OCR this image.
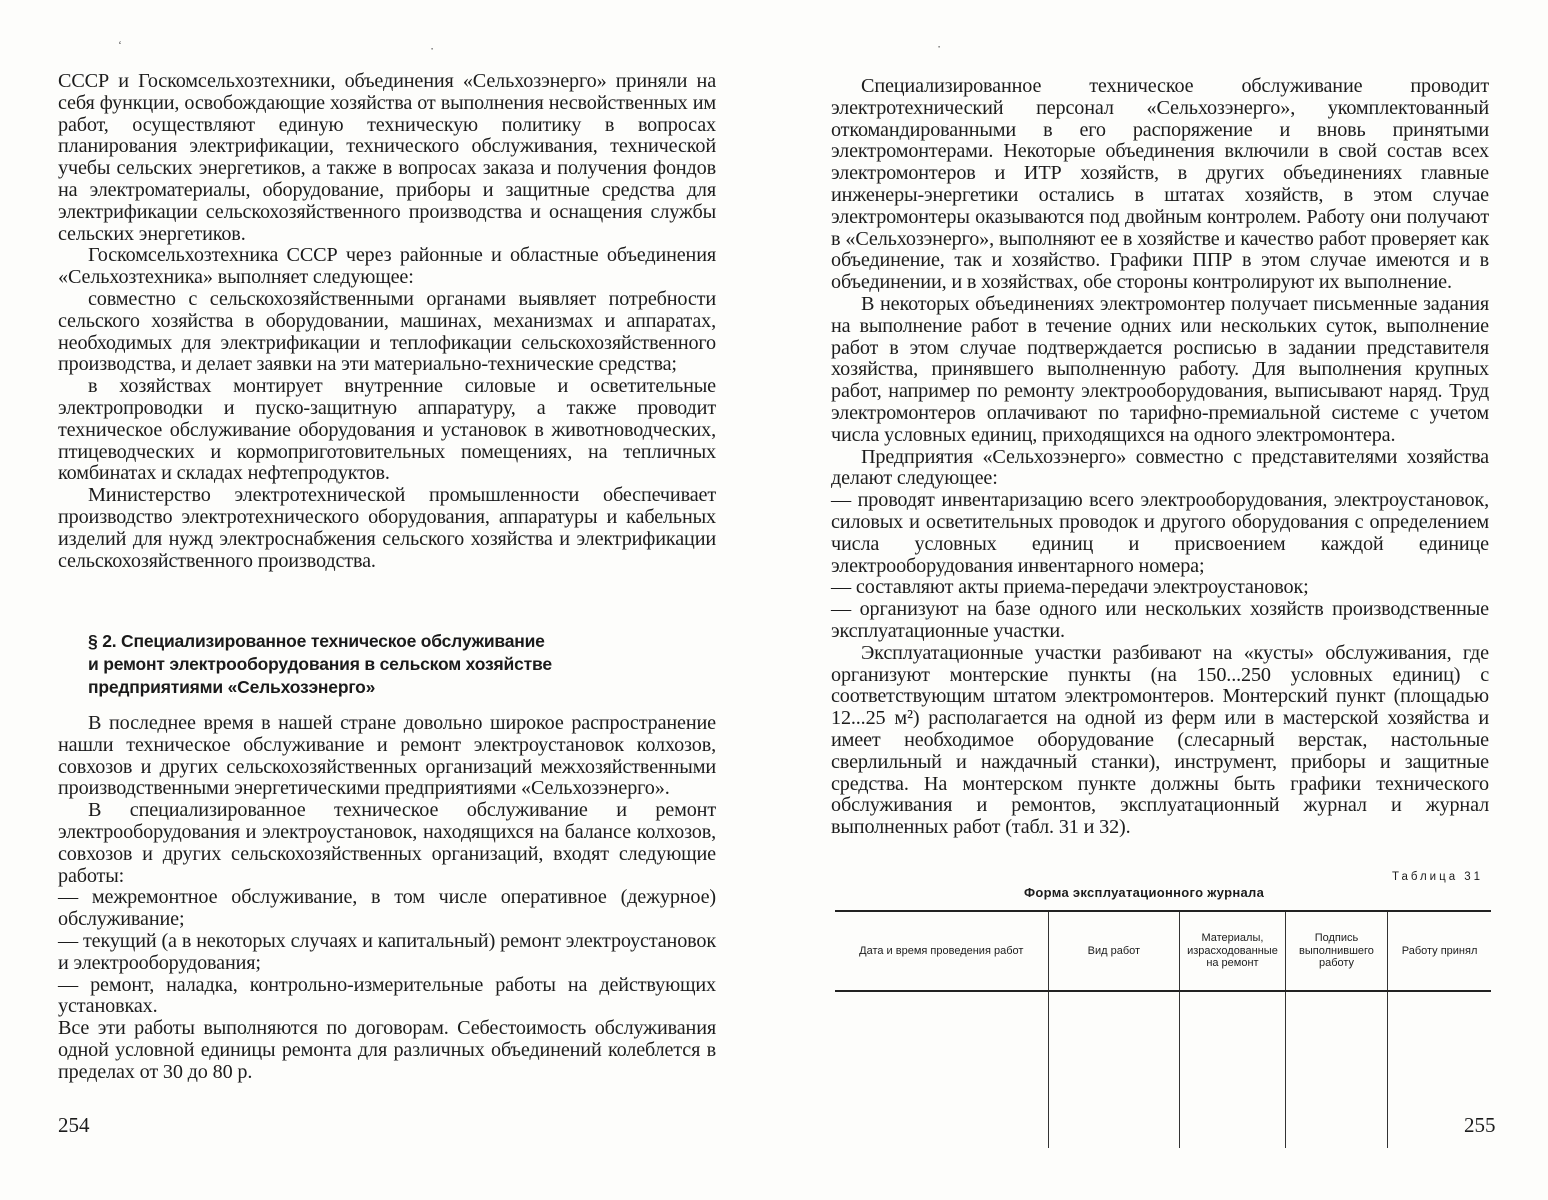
СССР и Госкомсельхозтехники, объединения «Сельхозэнерго» приняли на себя функции, освобождающие хозяйства от выполнения несвойственных им работ, осуществляют единую техническую политику в вопросах планирования электрификации, технического обслуживания, технической учебы сельских энергетиков, а также в вопросах заказа и получения фондов на электроматериалы, оборудование, приборы и защитные средства для электрификации сельскохозяйственного производства и оснащения службы сельских энергетиков.

Госкомсельхозтехника СССР через районные и областные объединения «Сельхозтехника» выполняет следующее:

совместно с сельскохозяйственными органами выявляет потребности сельского хозяйства в оборудовании, машинах, механизмах и аппаратах, необходимых для электрификации и теплофикации сельскохозяйственного производства, и делает заявки на эти материально-технические средства;

в хозяйствах монтирует внутренние силовые и осветительные электропроводки и пуско-защитную аппаратуру, а также проводит техническое обслуживание оборудования и установок в животноводческих, птицеводческих и кормоприготовительных помещениях, на тепличных комбинатах и складах нефтепродуктов.

Министерство электротехнической промышленности обеспечивает производство электротехнического оборудования, аппаратуры и кабельных изделий для нужд электроснабжения сельского хозяйства и электрификации сельскохозяйственного производства.

§ 2. Специализированное техническое обслуживание
и ремонт электрооборудования в сельском хозяйстве
предприятиями «Сельхозэнерго»

В последнее время в нашей стране довольно широкое распространение нашли техническое обслуживание и ремонт электроустановок колхозов, совхозов и других сельскохозяйственных организаций межхозяйственными производственными энергетическими предприятиями «Сельхозэнерго».

В специализированное техническое обслуживание и ремонт электрооборудования и электроустановок, находящихся на балансе колхозов, совхозов и других сельскохозяйственных организаций, входят следующие работы:

— межремонтное обслуживание, в том числе оперативное (дежурное) обслуживание;

— текущий (а в некоторых случаях и капитальный) ремонт электроустановок и электрооборудования;

— ремонт, наладка, контрольно-измерительные работы на действующих установках.

Все эти работы выполняются по договорам. Себестоимость обслуживания одной условной единицы ремонта для различных объединений колеблется в пределах от 30 до 80 р.

254
‘	⋅

Специализированное техническое обслуживание проводит электротехнический персонал «Сельхозэнерго», укомплектованный откомандированными в его распоряжение и вновь принятыми электромонтерами. Некоторые объединения включили в свой состав всех электромонтеров и ИТР хозяйств, в других объединениях главные инженеры-энергетики остались в штатах хозяйств, в этом случае электромонтеры оказываются под двойным контролем. Работу они получают в «Сельхозэнерго», выполняют ее в хозяйстве и качество работ проверяет как объединение, так и хозяйство. Графики ППР в этом случае имеются и в объединении, и в хозяйствах, обе стороны контролируют их выполнение.

В некоторых объединениях электромонтер получает письменные задания на выполнение работ в течение одних или нескольких суток, выполнение работ в этом случае подтверждается росписью в задании представителя хозяйства, принявшего выполненную работу. Для выполнения крупных работ, например по ремонту электрооборудования, выписывают наряд. Труд электромонтеров оплачивают по тарифно-премиальной системе с учетом числа условных единиц, приходящихся на одного электромонтера.

Предприятия «Сельхозэнерго» совместно с представителями хозяйства делают следующее:

— проводят инвентаризацию всего электрооборудования, электроустановок, силовых и осветительных проводок и другого оборудования с определением числа условных единиц и присвоением каждой единице электрооборудования инвентарного номера;

— составляют акты приема-передачи электроустановок;

— организуют на базе одного или нескольких хозяйств производственные эксплуатационные участки.

Эксплуатационные участки разбивают на «кусты» обслуживания, где организуют монтерские пункты (на 150...250 условных единиц) с соответствующим штатом электромонтеров. Монтерский пункт (площадью 12...25 м²) располагается на одной из ферм или в мастерской хозяйства и имеет необходимое оборудование (слесарный верстак, настольные сверлильный и наждачный станки), инструмент, приборы и защитные средства. На монтерском пункте должны быть графики технического обслуживания и ремонтов, эксплуатационный журнал и журнал выполненных работ (табл. 31 и 32).

Таблица 31
Форма эксплуатационного журнала
255
⋅
Дата и время проведения работ	Вид работ	Материалы, израсходованные на ремонт	Подпись выполнившего работу	Работу принял
